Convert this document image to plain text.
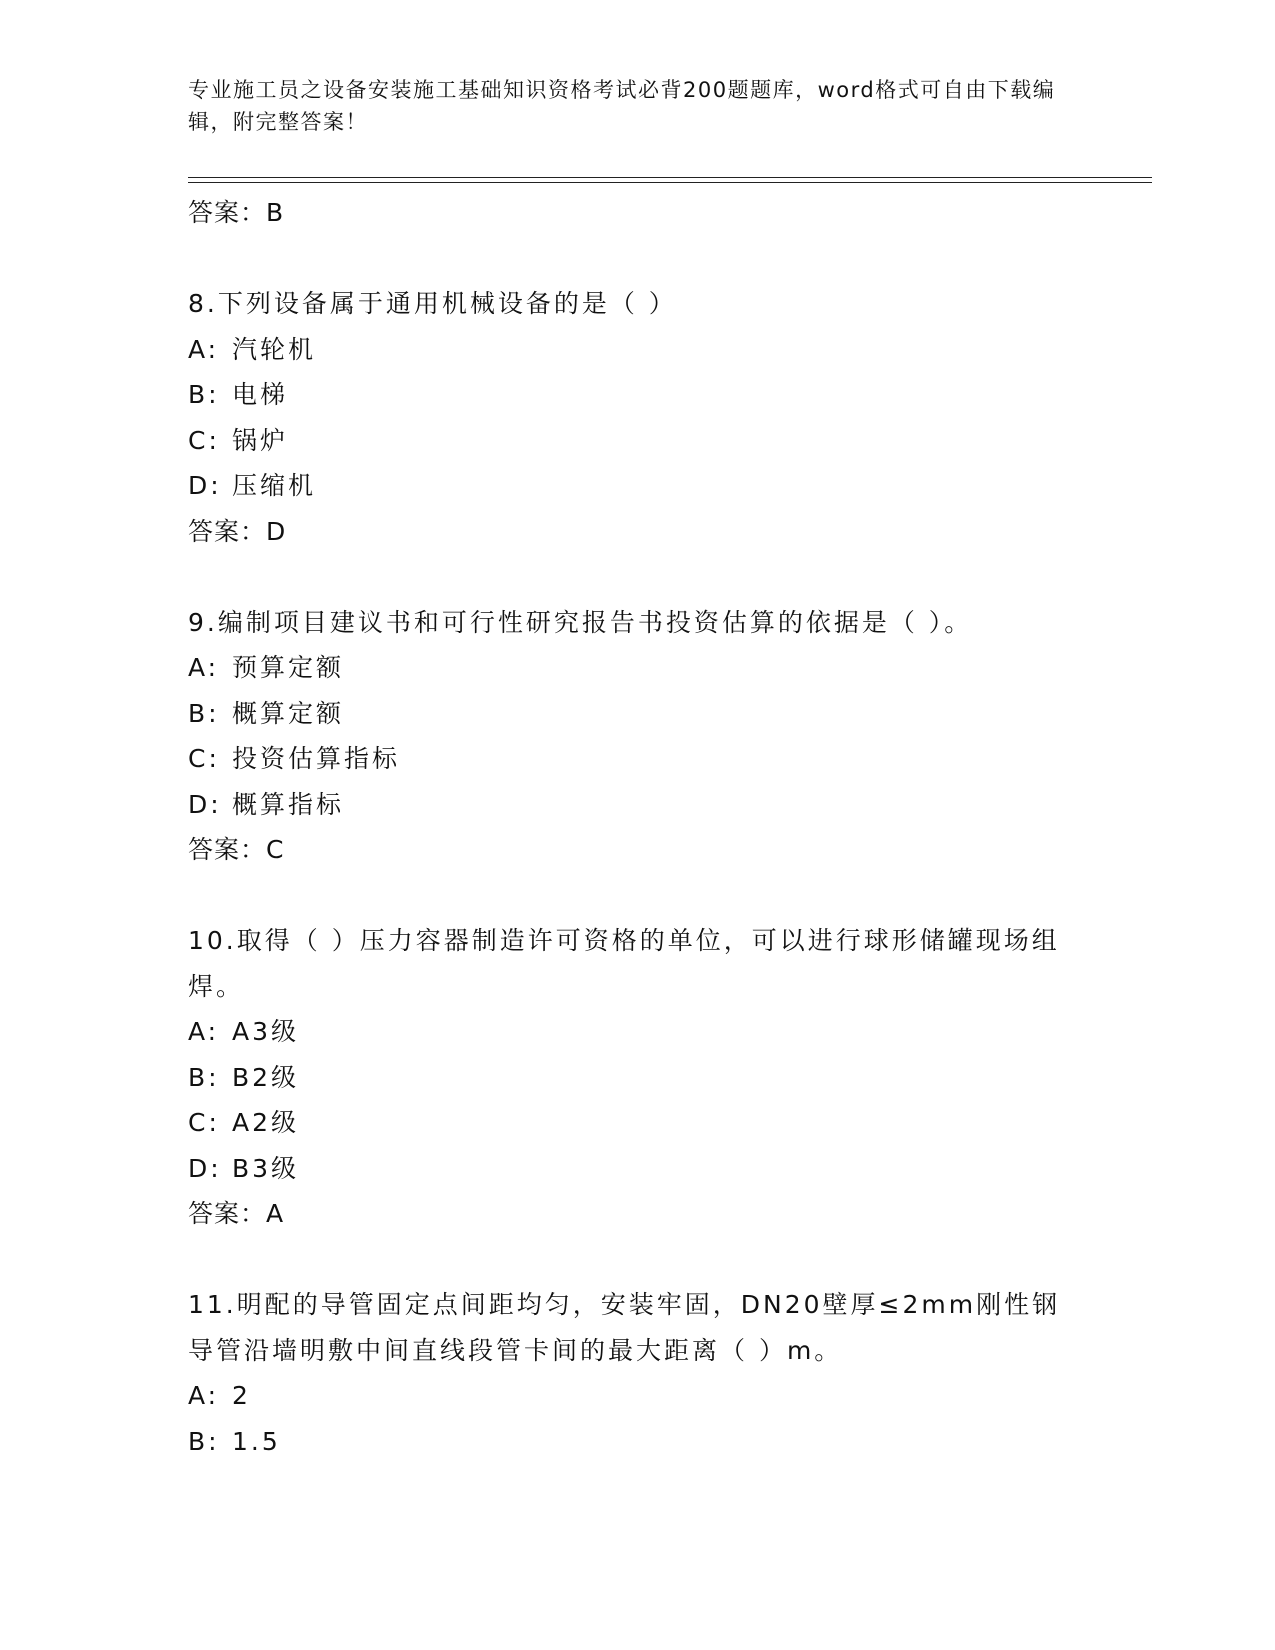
专业施工员之设备安装施工基础知识资格考试必背200题题库，word格式可自由下载编辑，附完整答案！
答案：B
8.下列设备属于通用机械设备的是（ ）
A: 汽轮机
B: 电梯
C: 锅炉
D: 压缩机
答案：D
9.编制项目建议书和可行性研究报告书投资估算的依据是（ ）。
A: 预算定额
B: 概算定额
C: 投资估算指标
D: 概算指标
答案：C
10.取得（ ）压力容器制造许可资格的单位，可以进行球形储罐现场组焊。
A: A3级
B: B2级
C: A2级
D: B3级
答案：A
11.明配的导管固定点间距均匀，安装牢固，DN20壁厚≤2mm刚性钢导管沿墙明敷中间直线段管卡间的最大距离（ ）m。
A: 2
B: 1.5
